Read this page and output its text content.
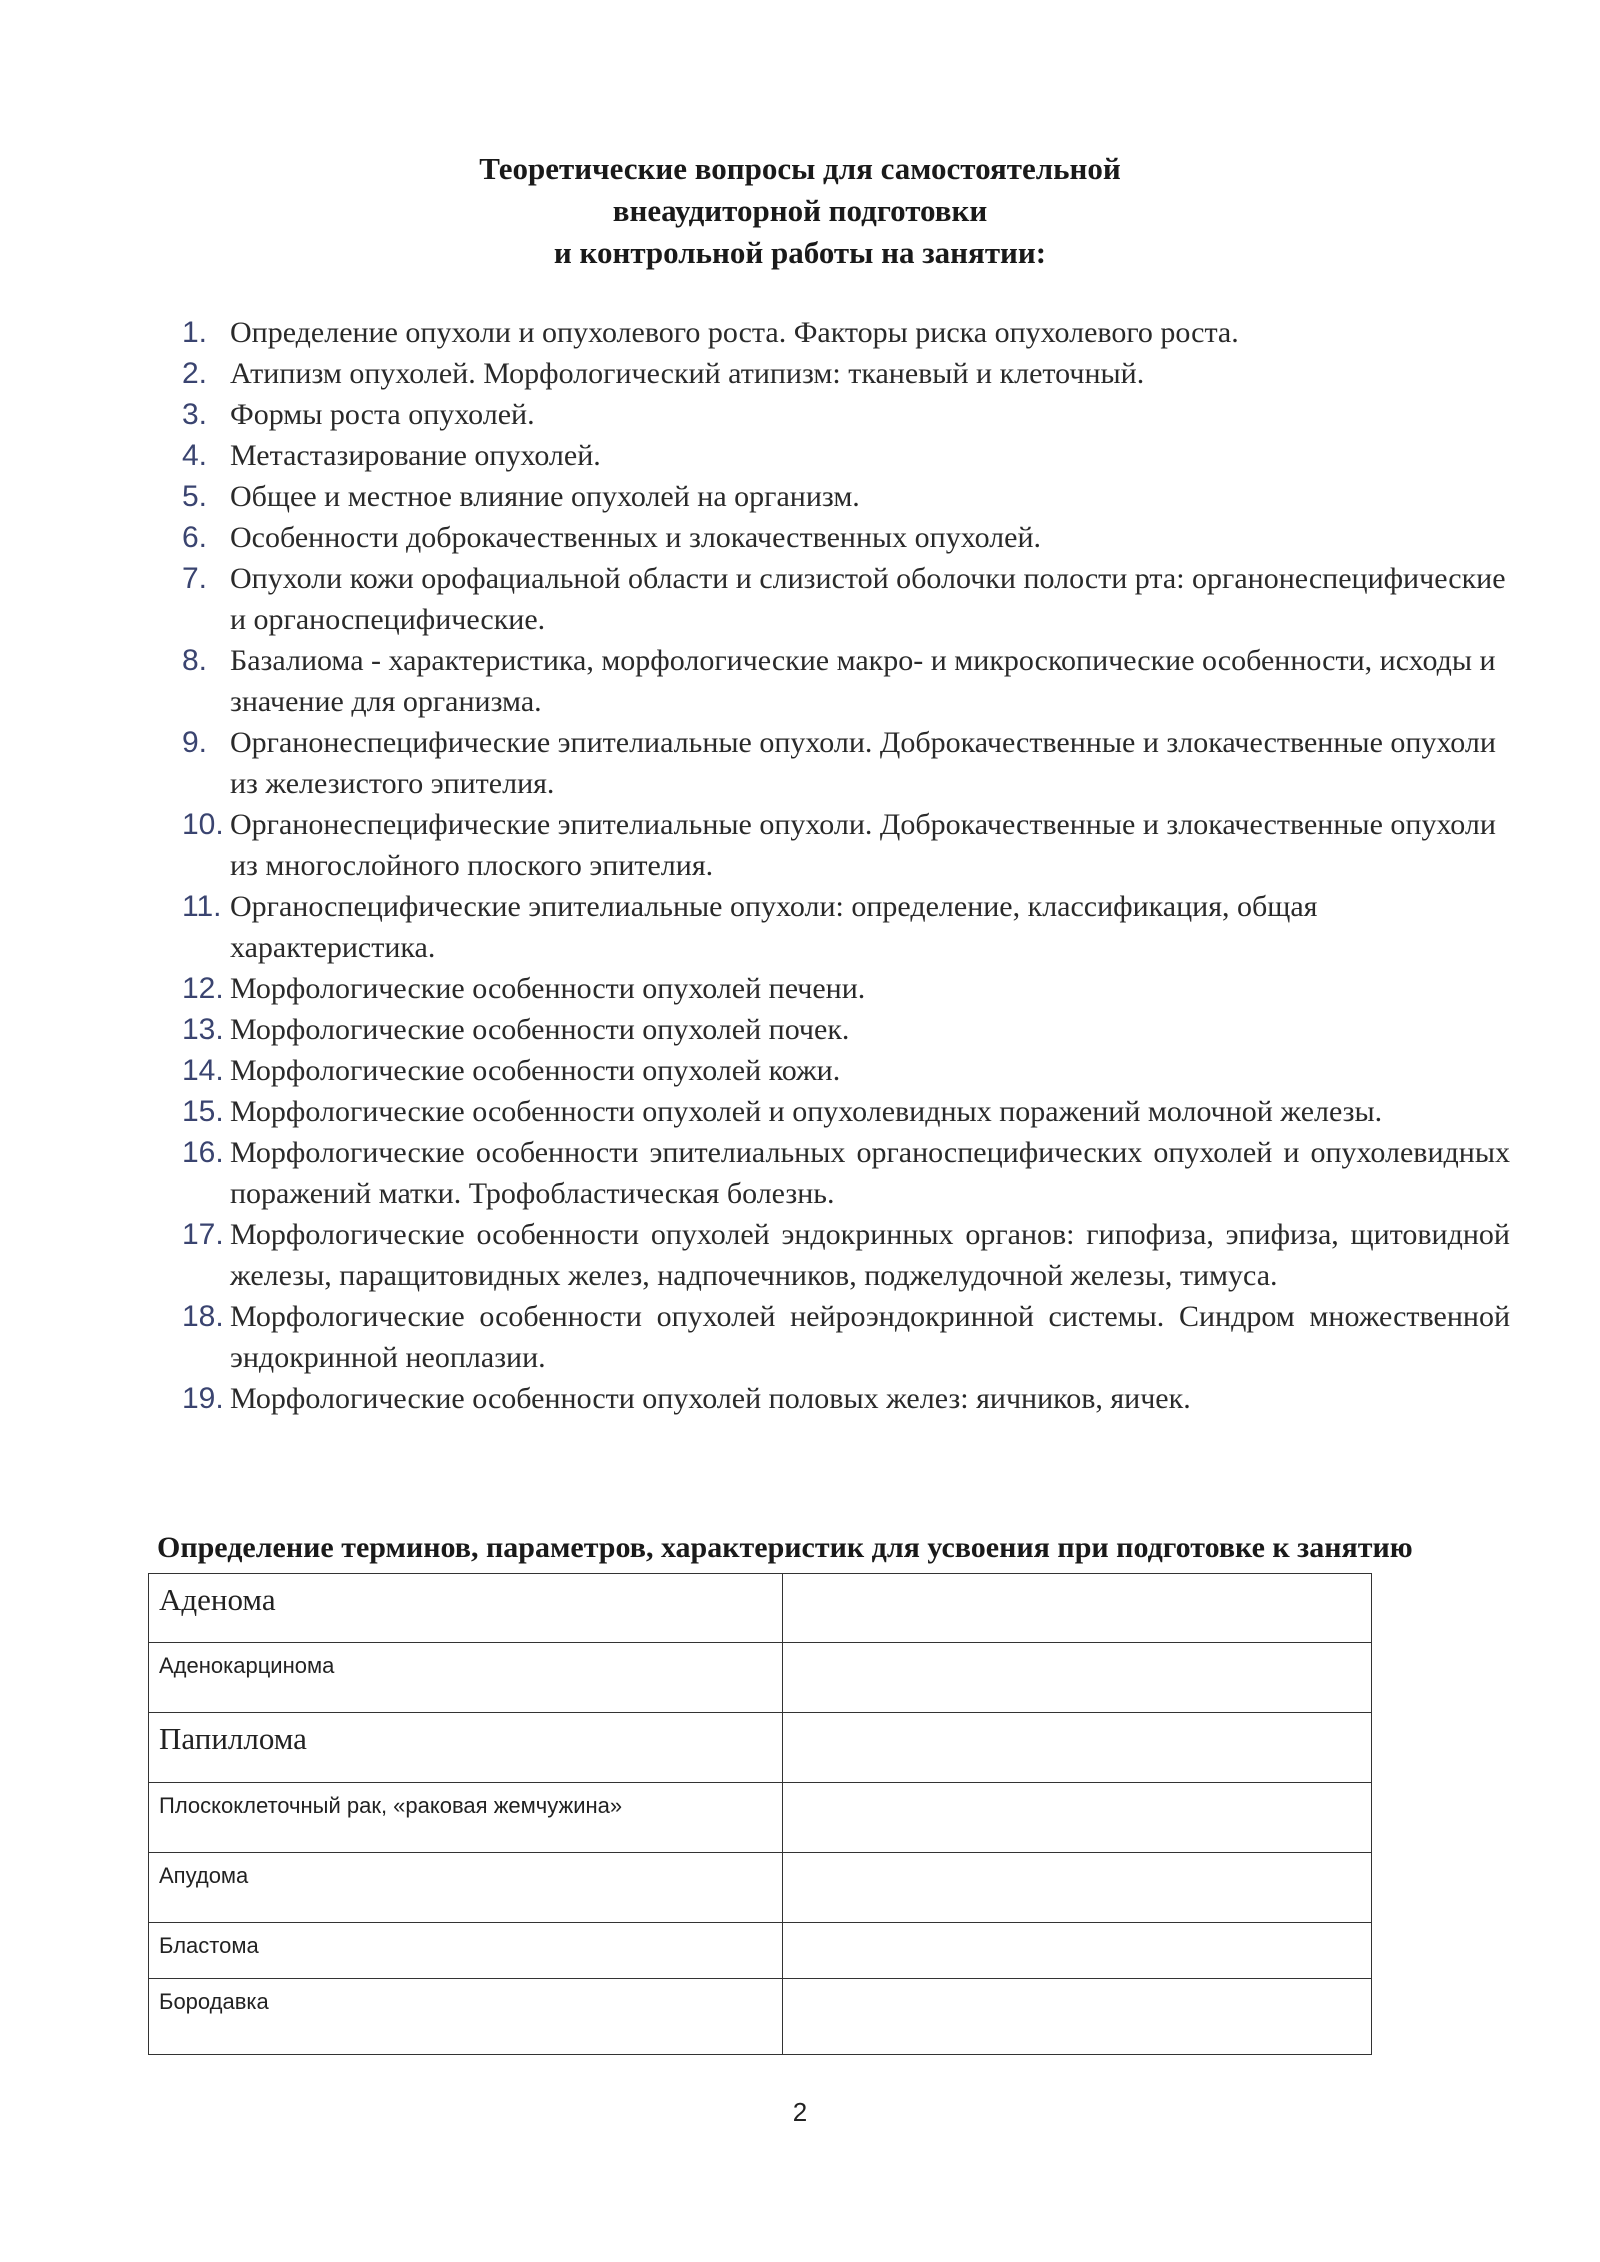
Теоретические вопросы для самостоятельной
внеаудиторной подготовки
и контрольной работы на занятии:
1. Определение опухоли и опухолевого роста. Факторы риска опухолевого роста.
2. Атипизм опухолей. Морфологический атипизм: тканевый и клеточный.
3. Формы роста опухолей.
4. Метастазирование опухолей.
5. Общее и местное влияние опухолей на организм.
6. Особенности доброкачественных и злокачественных опухолей.
7. Опухоли кожи орофациальной области и слизистой оболочки полости рта: органонеспецифические и органоспецифические.
8. Базалиома - характеристика, морфологические макро- и микроскопические особенности, исходы и значение для организма.
9. Органонеспецифические эпителиальные опухоли. Доброкачественные и злокачественные опухоли из железистого эпителия.
10. Органонеспецифические эпителиальные опухоли. Доброкачественные и злокачественные опухоли из многослойного плоского эпителия.
11. Органоспецифические эпителиальные опухоли: определение, классификация, общая характеристика.
12. Морфологические особенности опухолей печени.
13. Морфологические особенности опухолей почек.
14. Морфологические особенности опухолей кожи.
15. Морфологические особенности опухолей и опухолевидных поражений молочной железы.
16. Морфологические особенности эпителиальных органоспецифических опухолей и опухолевидных поражений матки. Трофобластическая болезнь.
17. Морфологические особенности опухолей эндокринных органов: гипофиза, эпифиза, щитовидной железы, паращитовидных желез, надпочечников, поджелудочной железы, тимуса.
18. Морфологические особенности опухолей нейроэндокринной системы. Синдром множественной эндокринной неоплазии.
19. Морфологические особенности опухолей половых желез: яичников, яичек.
Определение терминов, параметров, характеристик для усвоения при подготовке к занятию
Аденома	
Аденокарцинома	
Папиллома	
Плоскоклеточный рак, «раковая жемчужина»	
Апудома	
Бластома	
Бородавка	
2
